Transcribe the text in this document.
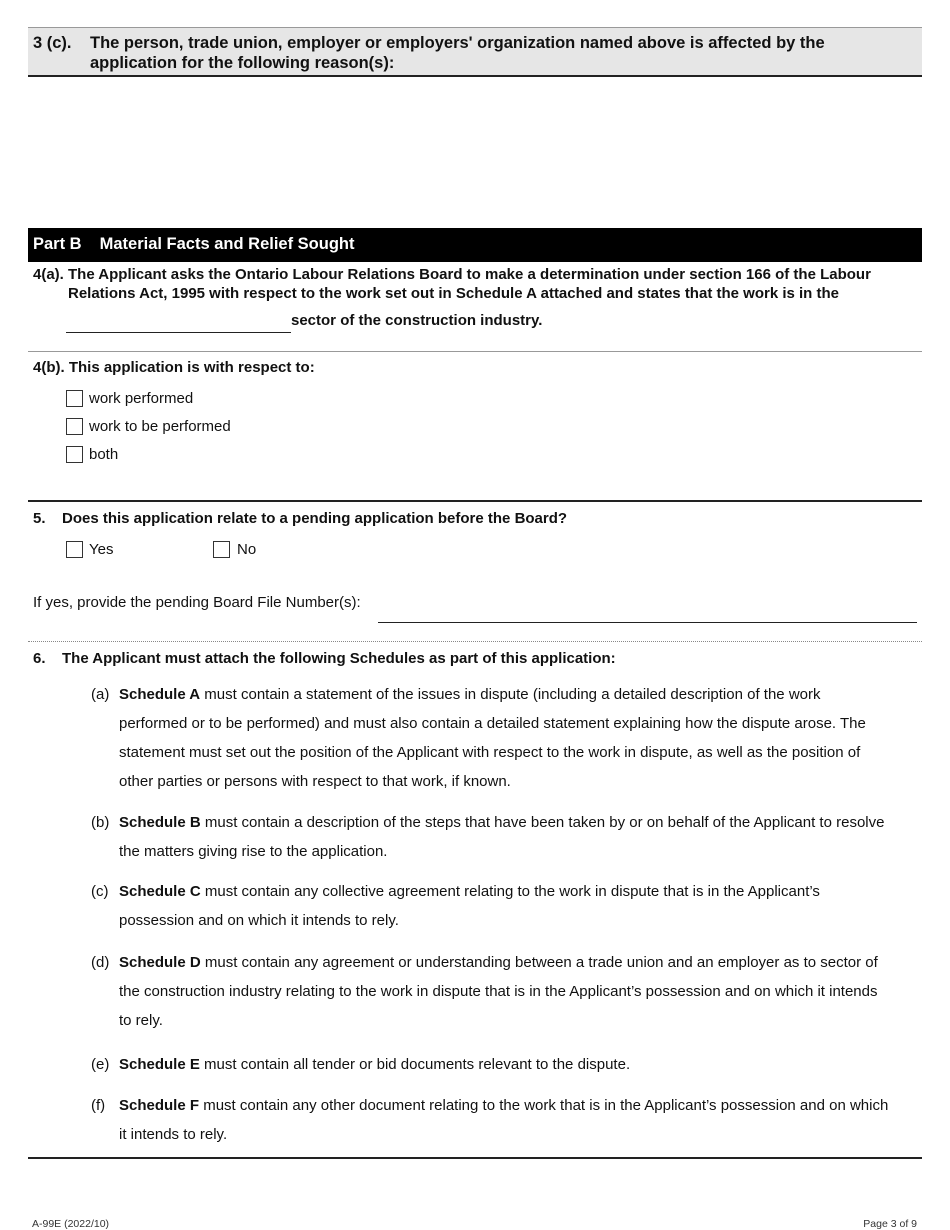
3 (c). The person, trade union, employer or employers' organization named above is affected by the application for the following reason(s):
Part B Material Facts and Relief Sought
4(a). The Applicant asks the Ontario Labour Relations Board to make a determination under section 166 of the Labour
Relations Act, 1995 with respect to the work set out in Schedule A attached and states that the work is in the
sector of the construction industry.
4(b). This application is with respect to:
work performed
work to be performed
both
5. Does this application relate to a pending application before the Board?
Yes	No
If yes, provide the pending Board File Number(s):
6. The Applicant must attach the following Schedules as part of this application:
(a) Schedule A must contain a statement of the issues in dispute (including a detailed description of the work
performed or to be performed) and must also contain a detailed statement explaining how the dispute arose. The
statement must set out the position of the Applicant with respect to the work in dispute, as well as the position of
other parties or persons with respect to that work, if known.
(b) Schedule B must contain a description of the steps that have been taken by or on behalf of the Applicant to resolve
the matters giving rise to the application.
(c) Schedule C must contain any collective agreement relating to the work in dispute that is in the Applicant’s
possession and on which it intends to rely.
(d) Schedule D must contain any agreement or understanding between a trade union and an employer as to sector of
the construction industry relating to the work in dispute that is in the Applicant’s possession and on which it intends
to rely.
(e) Schedule E must contain all tender or bid documents relevant to the dispute.
(f) Schedule F must contain any other document relating to the work that is in the Applicant’s possession and on which
it intends to rely.
A-99E (2022/10)	Page 3 of 9
